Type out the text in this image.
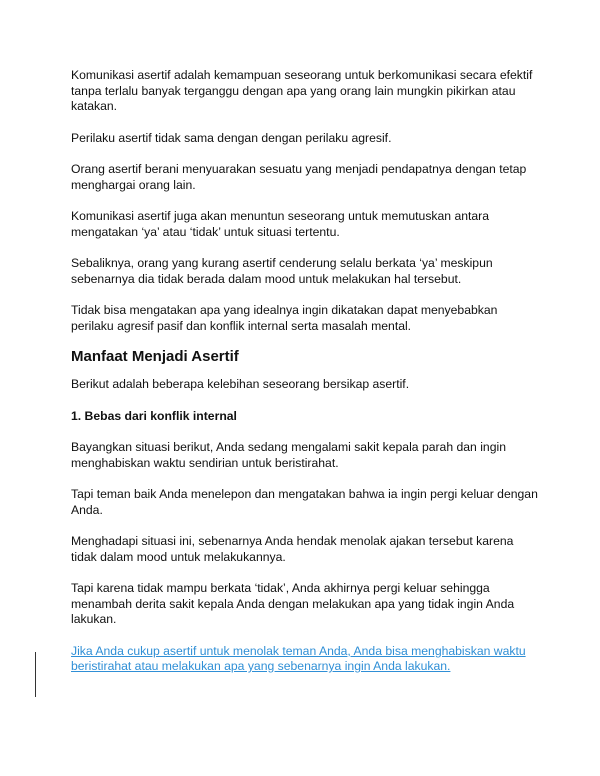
Komunikasi asertif adalah kemampuan seseorang untuk berkomunikasi secara efektif tanpa terlalu banyak terganggu dengan apa yang orang lain mungkin pikirkan atau katakan.

Perilaku asertif tidak sama dengan dengan perilaku agresif.

Orang asertif berani menyuarakan sesuatu yang menjadi pendapatnya dengan tetap menghargai orang lain.

Komunikasi asertif juga akan menuntun seseorang untuk memutuskan antara mengatakan ‘ya’ atau ‘tidak’ untuk situasi tertentu.

Sebaliknya, orang yang kurang asertif cenderung selalu berkata ‘ya’ meskipun sebenarnya dia tidak berada dalam mood untuk melakukan hal tersebut.

Tidak bisa mengatakan apa yang idealnya ingin dikatakan dapat menyebabkan perilaku agresif pasif dan konflik internal serta masalah mental.

Manfaat Menjadi Asertif

Berikut adalah beberapa kelebihan seseorang bersikap asertif.

1. Bebas dari konflik internal

Bayangkan situasi berikut, Anda sedang mengalami sakit kepala parah dan ingin menghabiskan waktu sendirian untuk beristirahat.

Tapi teman baik Anda menelepon dan mengatakan bahwa ia ingin pergi keluar dengan Anda.

Menghadapi situasi ini, sebenarnya Anda hendak menolak ajakan tersebut karena tidak dalam mood untuk melakukannya.

Tapi karena tidak mampu berkata ‘tidak’, Anda akhirnya pergi keluar sehingga menambah derita sakit kepala Anda dengan melakukan apa yang tidak ingin Anda lakukan.

Jika Anda cukup asertif untuk menolak teman Anda, Anda bisa menghabiskan waktu beristirahat atau melakukan apa yang sebenarnya ingin Anda lakukan.
